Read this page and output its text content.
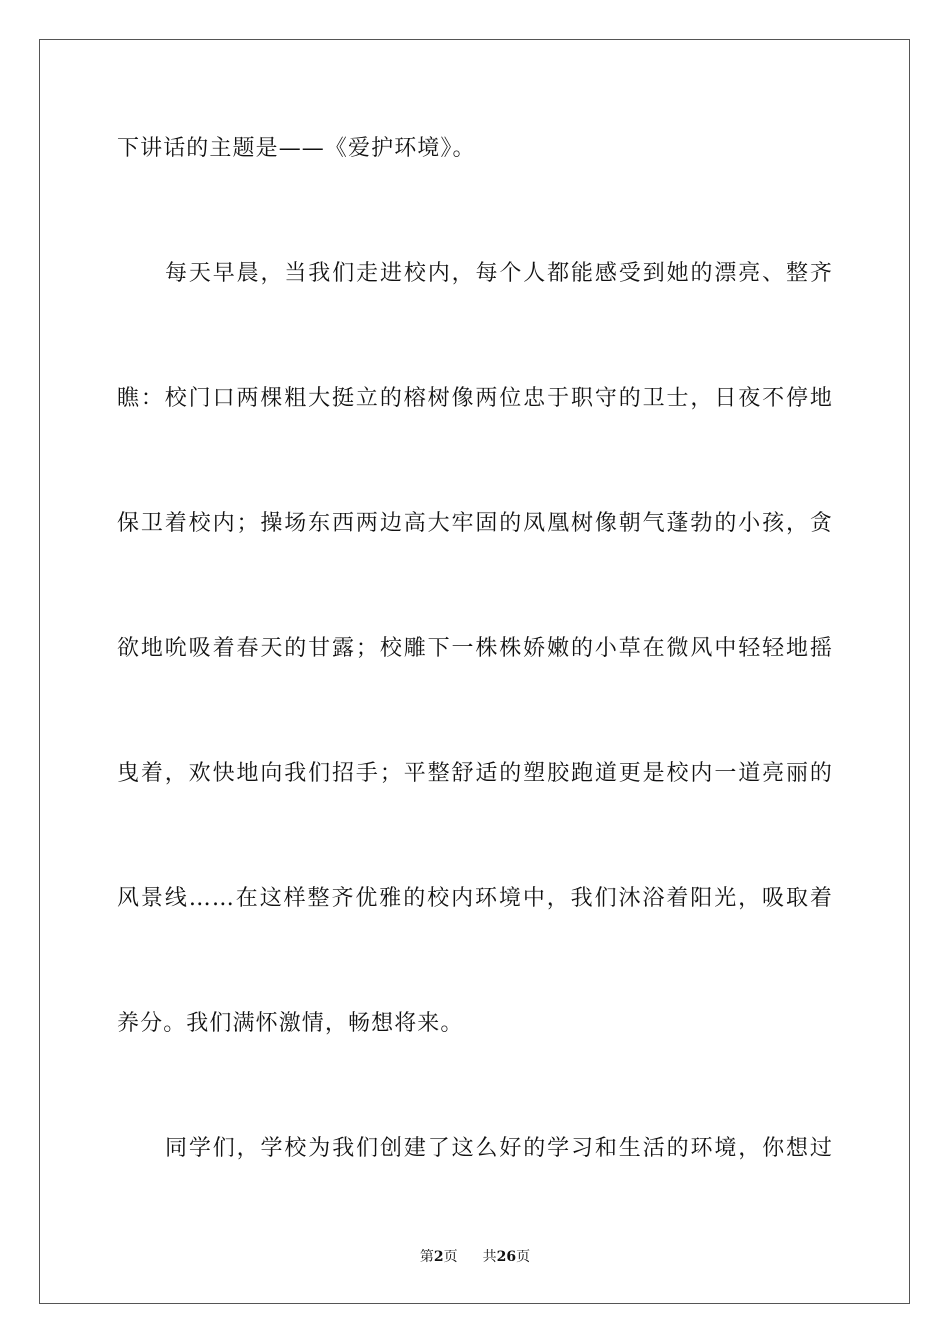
下讲话的主题是——《爱护环境》。
每天早晨，当我们走进校内，每个人都能感受到她的漂亮、整齐
瞧：校门口两棵粗大挺立的榕树像两位忠于职守的卫士，日夜不停地
保卫着校内；操场东西两边高大牢固的凤凰树像朝气蓬勃的小孩，贪
欲地吮吸着春天的甘露；校雕下一株株娇嫩的小草在微风中轻轻地摇
曳着，欢快地向我们招手；平整舒适的塑胶跑道更是校内一道亮丽的
风景线……在这样整齐优雅的校内环境中，我们沐浴着阳光，吸取着
养分。我们满怀激情，畅想将来。
同学们，学校为我们创建了这么好的学习和生活的环境，你想过
第2页 共26页
